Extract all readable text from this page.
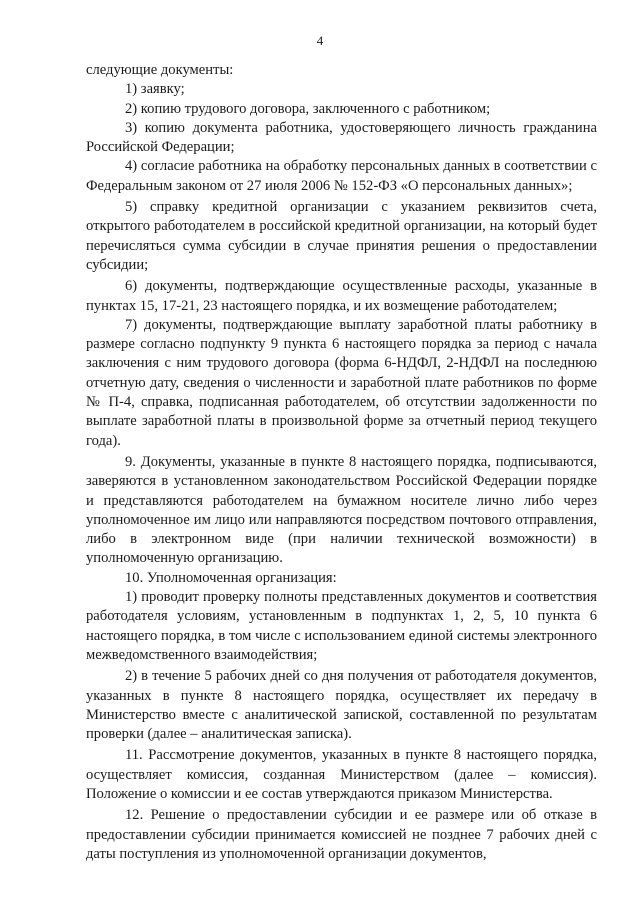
4

следующие документы:

1) заявку;

2) копию трудового договора, заключенного с работником;

3) копию документа работника, удостоверяющего личность гражданина Российской Федерации;

4) согласие работника на обработку персональных данных в соответствии с Федеральным законом от 27 июля 2006 № 152-ФЗ «О персональных данных»;

5) справку кредитной организации с указанием реквизитов счета, открытого работодателем в российской кредитной организации, на который будет перечисляться сумма субсидии в случае принятия решения о предоставлении субсидии;

6) документы, подтверждающие осуществленные расходы, указанные в пунктах 15, 17-21, 23 настоящего порядка, и их возмещение работодателем;

7) документы, подтверждающие выплату заработной платы работнику в размере согласно подпункту 9 пункта 6 настоящего порядка за период с начала заключения с ним трудового договора (форма 6-НДФЛ, 2-НДФЛ на последнюю отчетную дату, сведения о численности и заработной плате работников по форме № П-4, справка, подписанная работодателем, об отсутствии задолженности по выплате заработной платы в произвольной форме за отчетный период текущего года).

9. Документы, указанные в пункте 8 настоящего порядка, подписываются, заверяются в установленном законодательством Российской Федерации порядке и представляются работодателем на бумажном носителе лично либо через уполномоченное им лицо или направляются посредством почтового отправления, либо в электронном виде (при наличии технической возможности) в уполномоченную организацию.

10. Уполномоченная организация:

1) проводит проверку полноты представленных документов и соответствия работодателя условиям, установленным в подпунктах 1, 2, 5, 10 пункта 6 настоящего порядка, в том числе с использованием единой системы электронного межведомственного взаимодействия;

2) в течение 5 рабочих дней со дня получения от работодателя документов, указанных в пункте 8 настоящего порядка, осуществляет их передачу в Министерство вместе с аналитической запиской, составленной по результатам проверки (далее – аналитическая записка).

11. Рассмотрение документов, указанных в пункте 8 настоящего порядка, осуществляет комиссия, созданная Министерством (далее – комиссия). Положение о комиссии и ее состав утверждаются приказом Министерства.

12. Решение о предоставлении субсидии и ее размере или об отказе в предоставлении субсидии принимается комиссией не позднее 7 рабочих дней с даты поступления из уполномоченной организации документов,
